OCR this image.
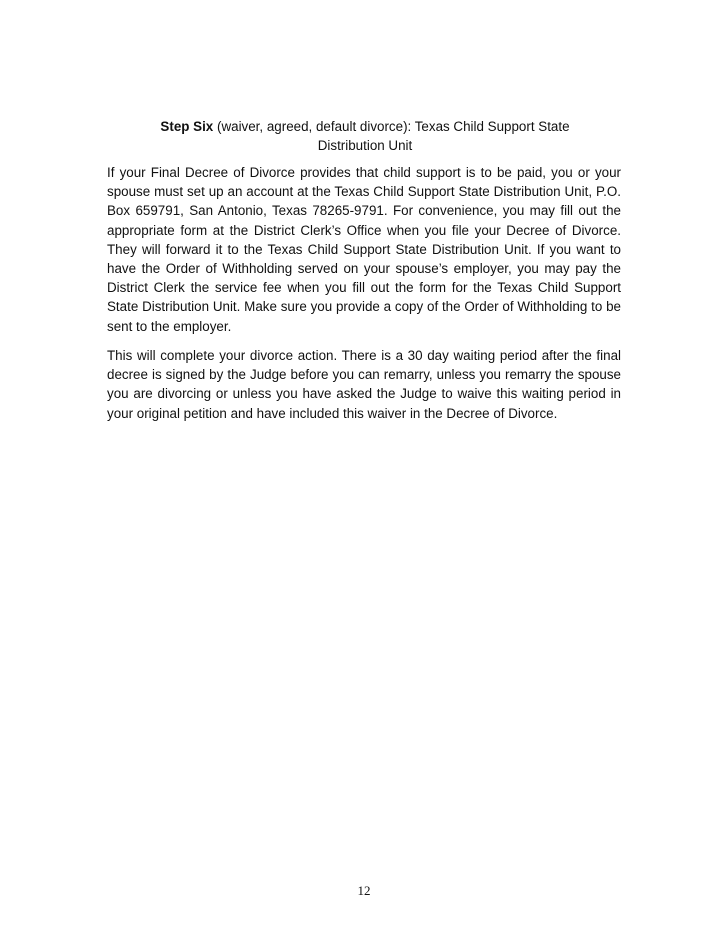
Step Six (waiver, agreed, default divorce): Texas Child Support State Distribution Unit

If your Final Decree of Divorce provides that child support is to be paid, you or your spouse must set up an account at the Texas Child Support State Distribution Unit, P.O. Box 659791, San Antonio, Texas 78265-9791. For convenience, you may fill out the appropriate form at the District Clerk’s Office when you file your Decree of Divorce. They will forward it to the Texas Child Support State Distribution Unit. If you want to have the Order of Withholding served on your spouse’s employer, you may pay the District Clerk the service fee when you fill out the form for the Texas Child Support State Distribution Unit. Make sure you provide a copy of the Order of Withholding to be sent to the employer.

This will complete your divorce action. There is a 30 day waiting period after the final decree is signed by the Judge before you can remarry, unless you remarry the spouse you are divorcing or unless you have asked the Judge to waive this waiting period in your original petition and have included this waiver in the Decree of Divorce.

12
